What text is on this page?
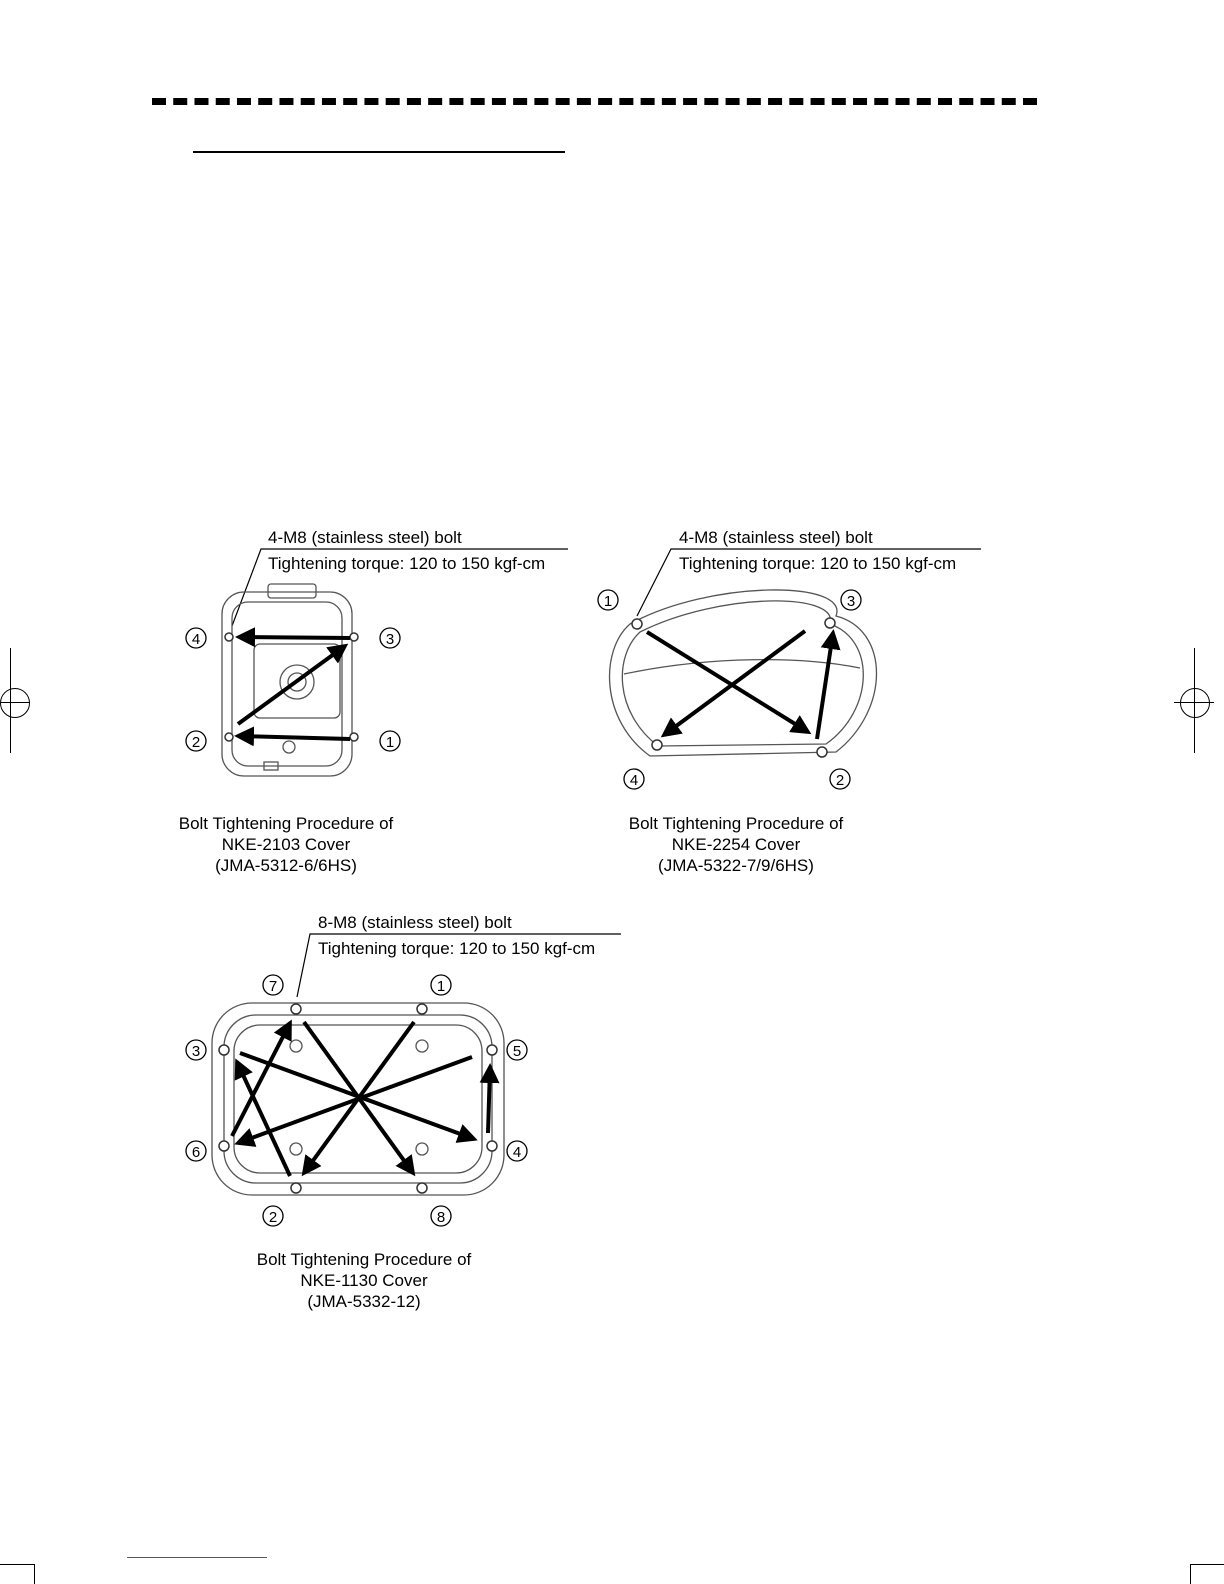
4-M8 (stainless steel) bolt
Tightening torque: 120 to 150 kgf-cm
1
2
3
4
Bolt Tightening Procedure of
NKE-2103 Cover
(JMA-5312-6/6HS)
4-M8 (stainless steel) bolt
Tightening torque: 120 to 150 kgf-cm
1
2
3
4
Bolt Tightening Procedure of
NKE-2254 Cover
(JMA-5322-7/9/6HS)
8-M8 (stainless steel) bolt
Tightening torque: 120 to 150 kgf-cm
1
2
3
4
5
6
7
8
Bolt Tightening Procedure of
NKE-1130 Cover
(JMA-5332-12)
